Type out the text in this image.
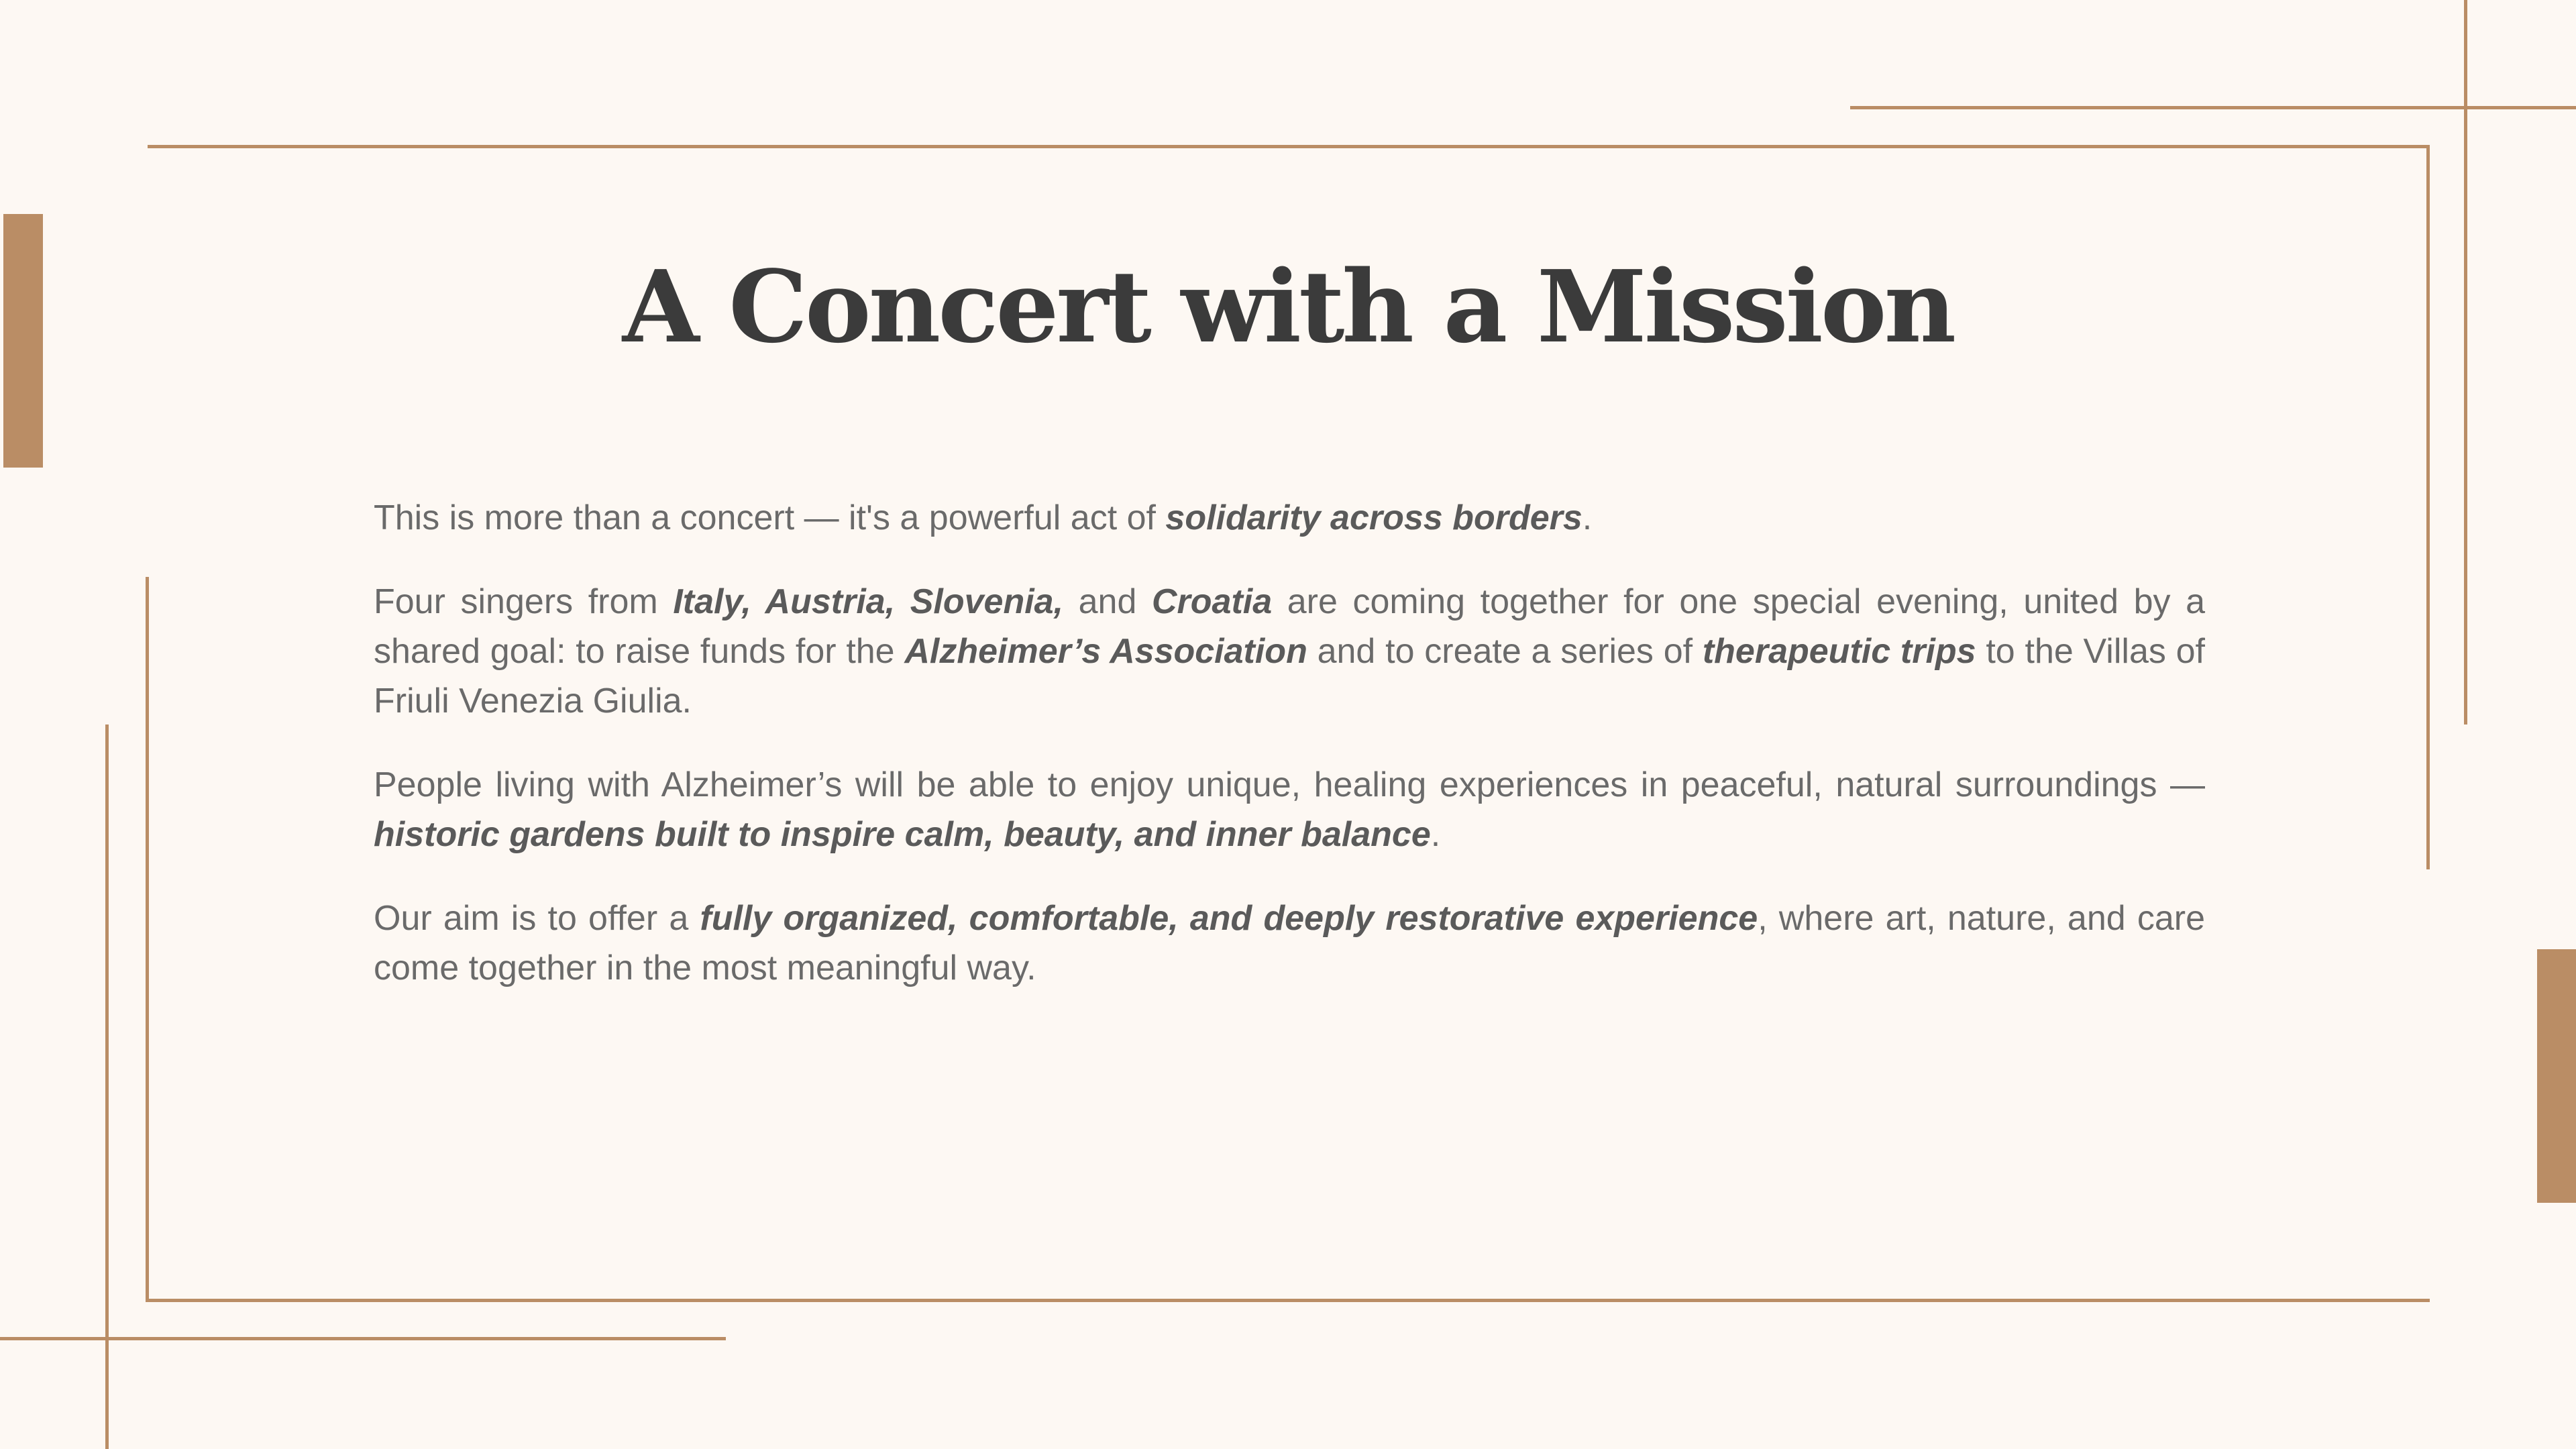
A Concert with a Mission

This is more than a concert — it's a powerful act of solidarity across borders.

Four singers from Italy, Austria, Slovenia, and Croatia are coming together for one special evening, united by a shared goal: to raise funds for the Alzheimer’s Association and to create a series of therapeutic trips to the Villas of Friuli Venezia Giulia.

People living with Alzheimer’s will be able to enjoy unique, healing experiences in peaceful, natural surroundings — historic gardens built to inspire calm, beauty, and inner balance.

Our aim is to offer a fully organized, comfortable, and deeply restorative experience, where art, nature, and care come together in the most meaningful way.
